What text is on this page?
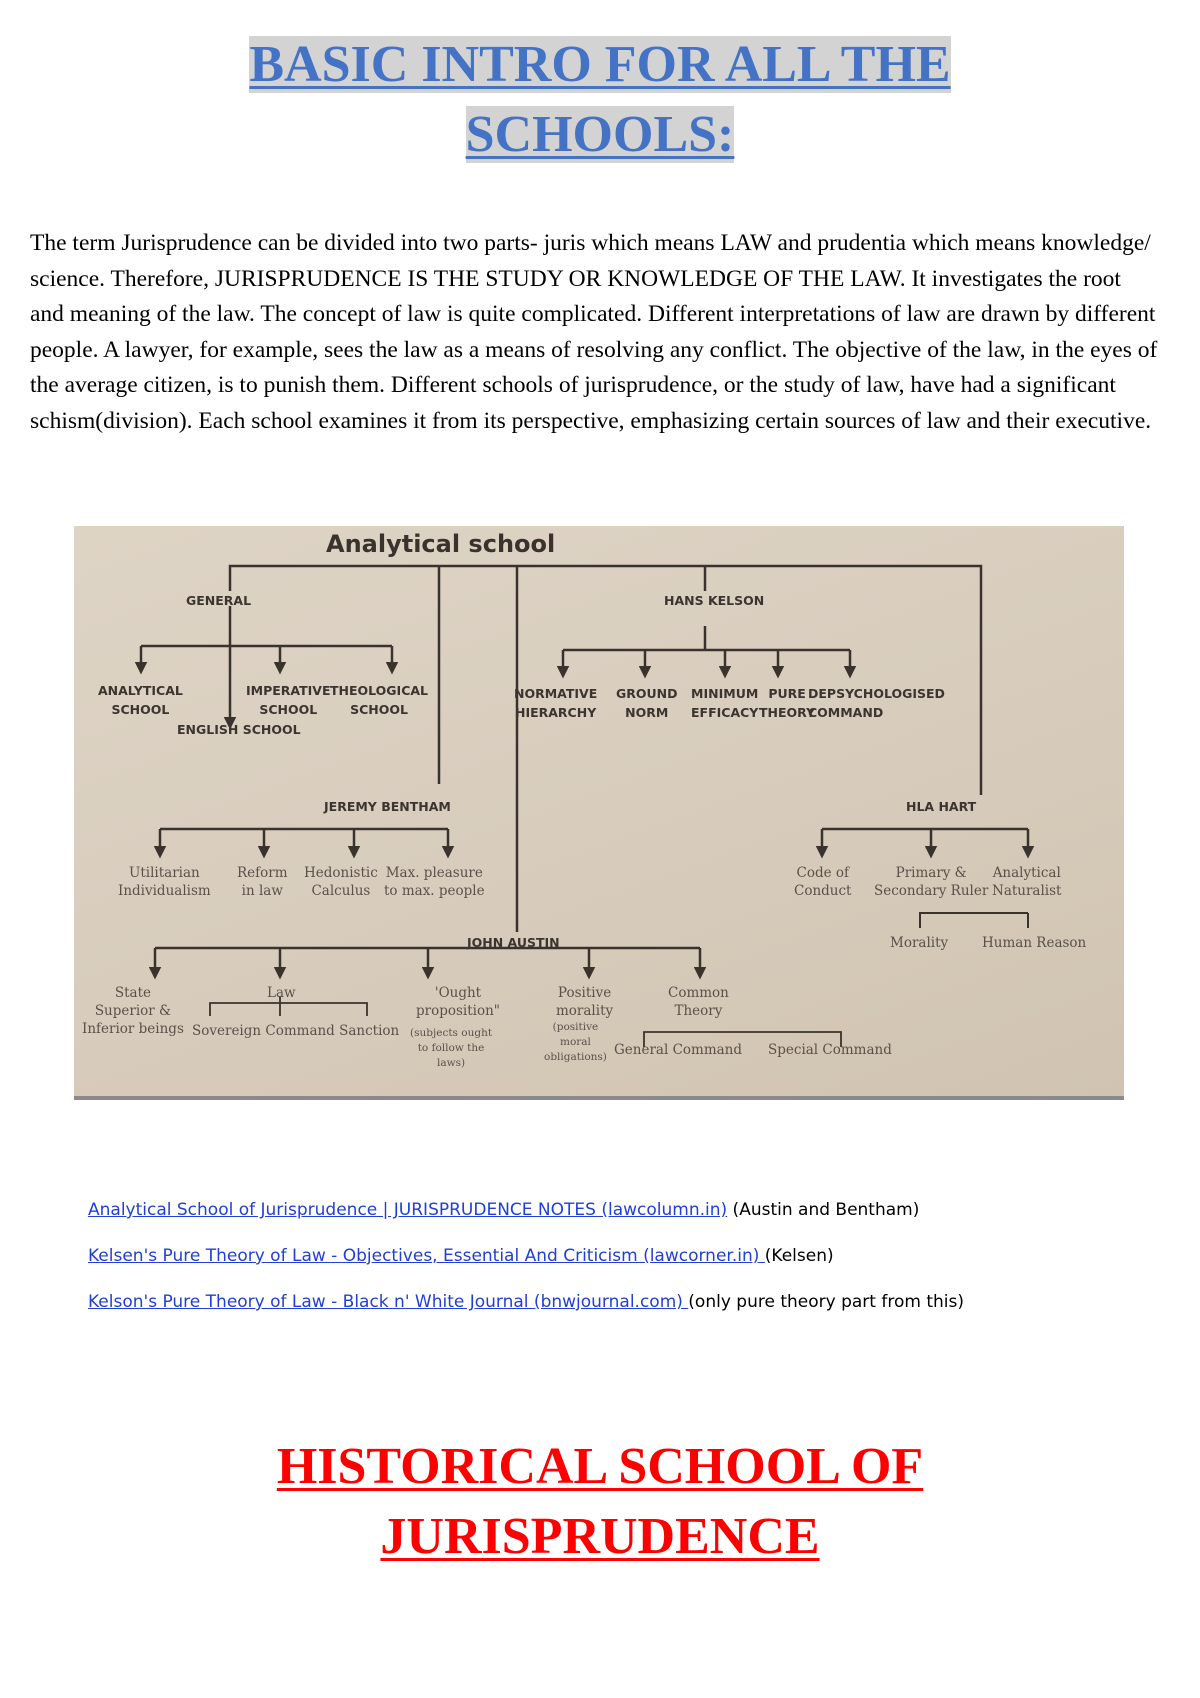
BASIC INTRO FOR ALL THE
SCHOOLS:

The term Jurisprudence can be divided into two parts- juris which means LAW and prudentia which means knowledge/ science. Therefore, JURISPRUDENCE IS THE STUDY OR KNOWLEDGE OF THE LAW. It investigates the root and meaning of the law. The concept of law is quite complicated. Different interpretations of law are drawn by different people. A lawyer, for example, sees the law as a means of resolving any conflict. The objective of the law, in the eyes of the average citizen, is to punish them. Different schools of jurisprudence, or the study of law, have had a significant schism(division). Each school examines it from its perspective, emphasizing certain sources of law and their executive.

Analytical school
GENERAL
ANALYTICAL
SCHOOL
IMPERATIVE
SCHOOL
THEOLOGICAL
SCHOOL
ENGLISH SCHOOL
HANS KELSON
NORMATIVE
HIERARCHY
GROUND
NORM
MINIMUM
EFFICACY
PURE
THEORY
DEPSYCHOLOGISED
COMMAND
JEREMY BENTHAM
Utilitarian
Individualism
Reform
in law
Hedonistic
Calculus
Max. pleasure
to max. people
HLA HART
Code of
Conduct
Primary &
Secondary Ruler
Analytical
Naturalist
Morality	Human Reason
JOHN AUSTIN
State
Superior &
Inferior beings
Law
Sovereign Command Sanction
'Ought
proposition"
(subjects ought
to follow the
laws)
Positive
morality
(positive
moral
obligations)
Common
Theory
General Command Special Command
Analytical School of Jurisprudence | JURISPRUDENCE NOTES (lawcolumn.in) (Austin and Bentham)
Kelsen's Pure Theory of Law - Objectives, Essential And Criticism (lawcorner.in) (Kelsen)
Kelson's Pure Theory of Law - Black n' White Journal (bnwjournal.com) (only pure theory part from this)
HISTORICAL SCHOOL OF
JURISPRUDENCE
